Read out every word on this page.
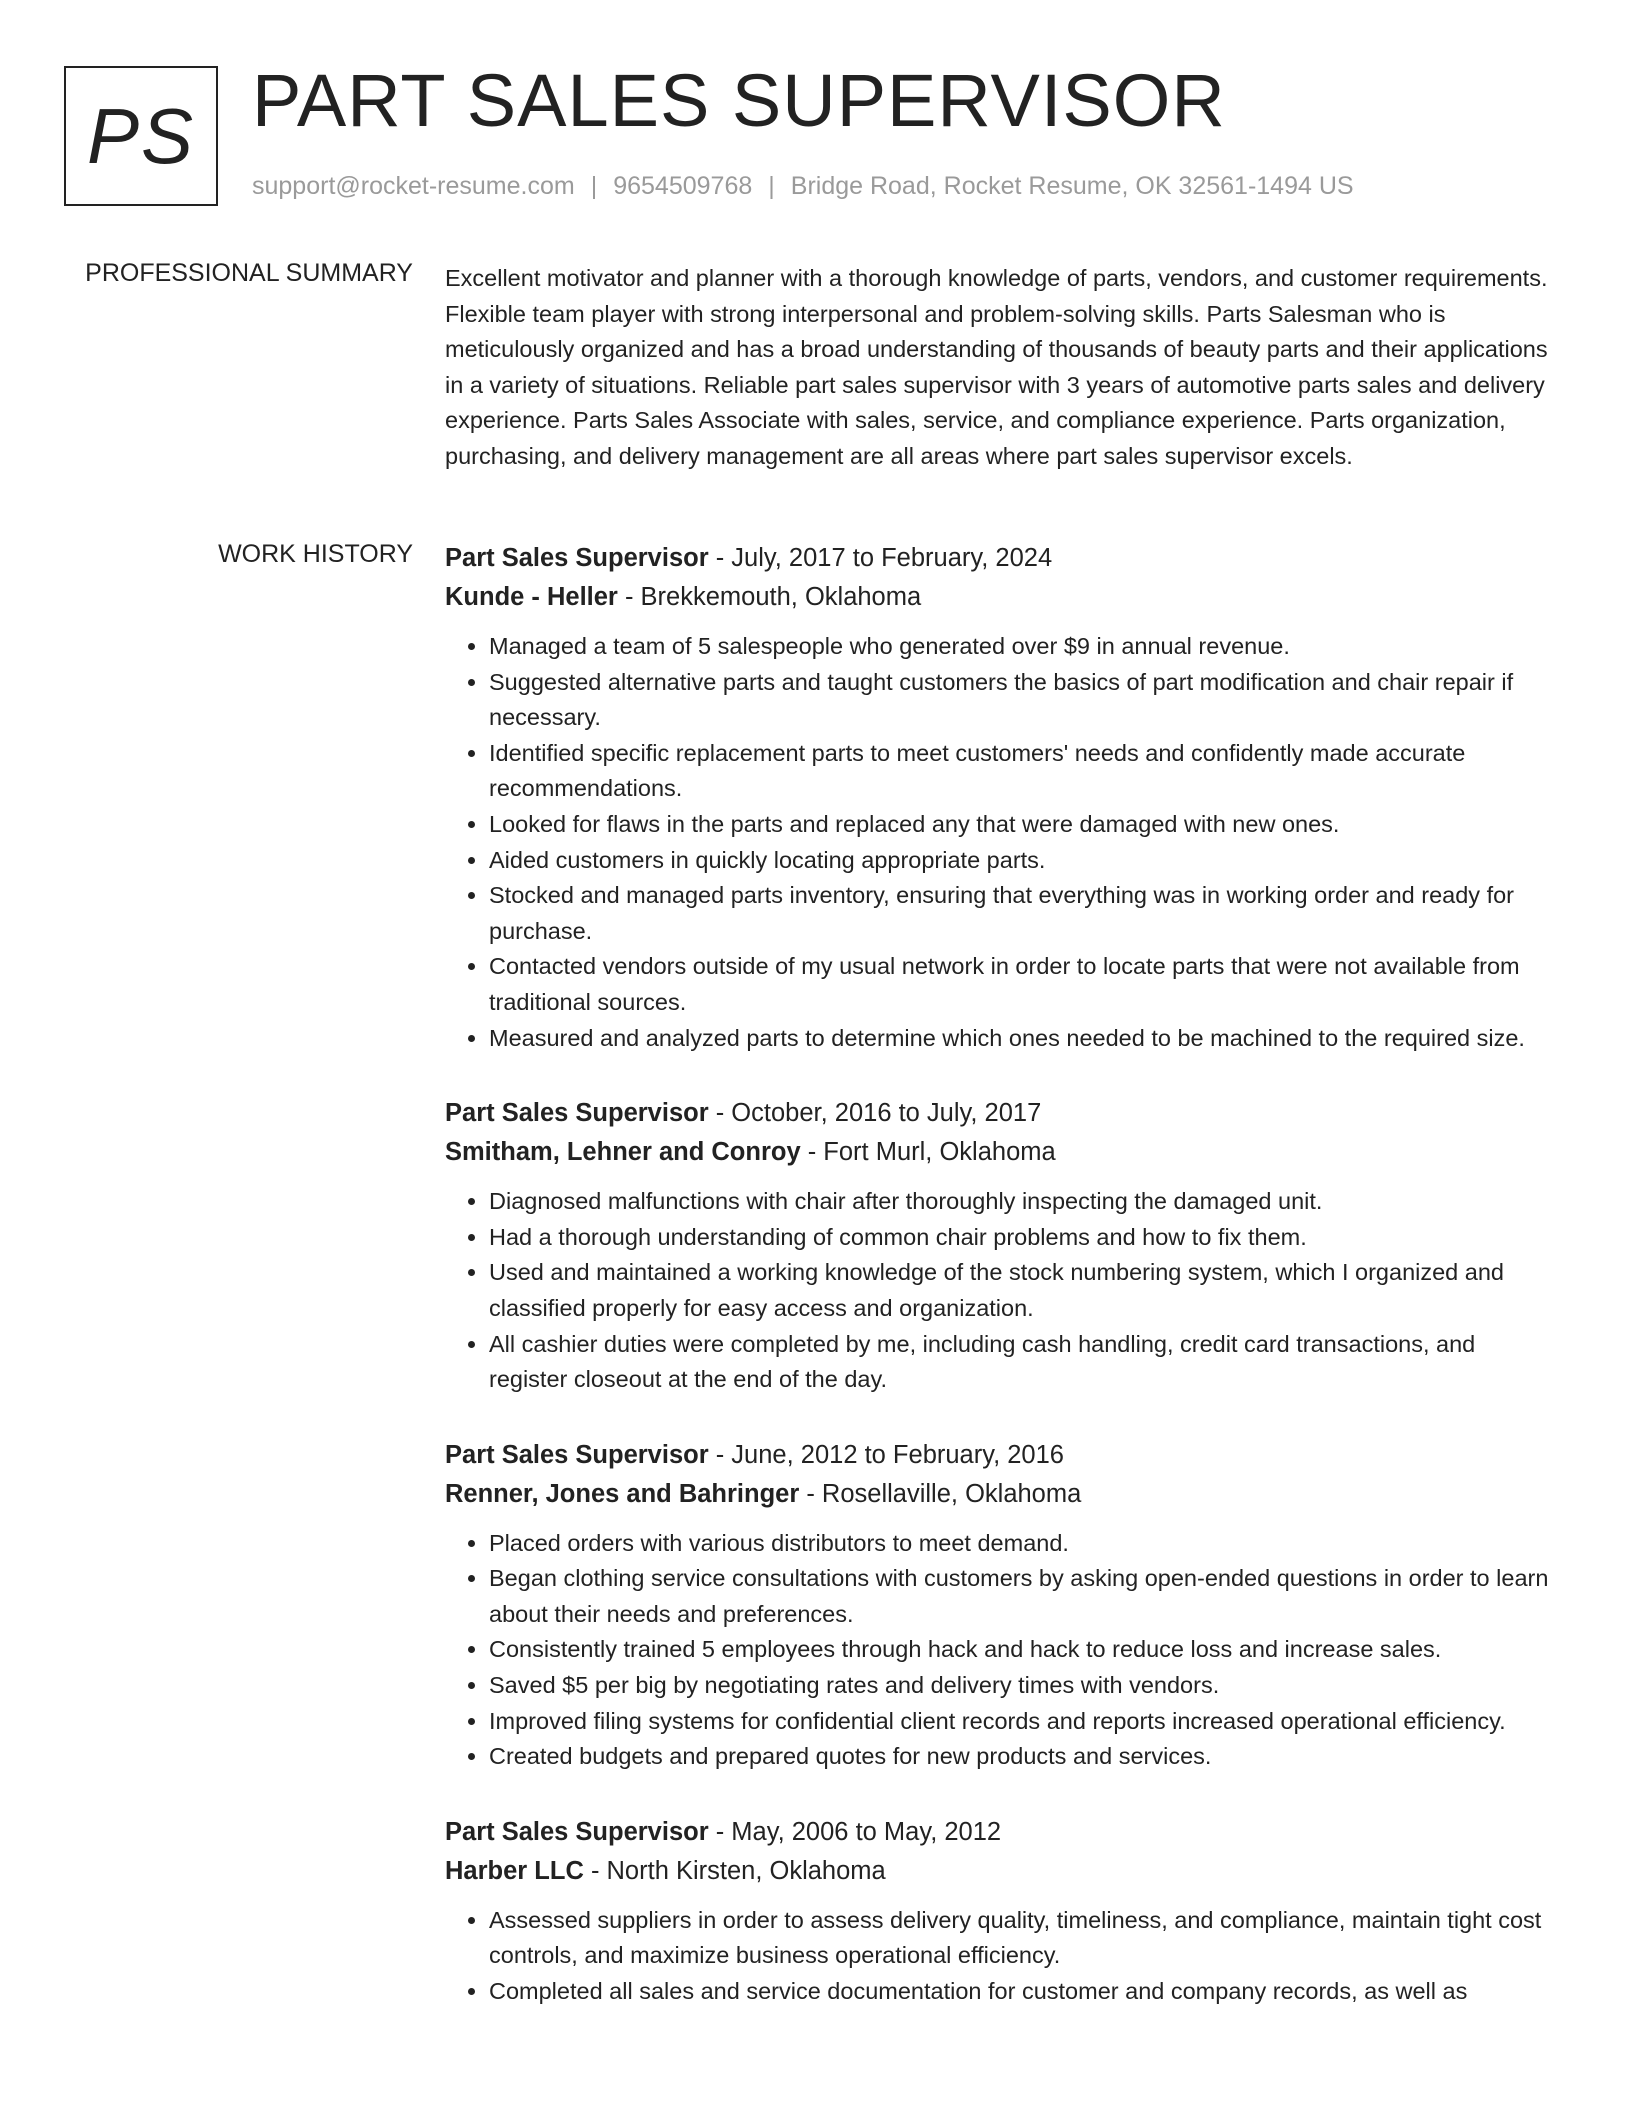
PS PART SALES SUPERVISOR
support@rocket-resume.com | 9654509768 | Bridge Road, Rocket Resume, OK 32561-1494 US
PROFESSIONAL SUMMARY Excellent motivator and planner with a thorough knowledge of parts, vendors, and customer requirements. Flexible team player with strong interpersonal and problem-solving skills. Parts Salesman who is meticulously organized and has a broad understanding of thousands of beauty parts and their applications in a variety of situations. Reliable part sales supervisor with 3 years of automotive parts sales and delivery experience. Parts Sales Associate with sales, service, and compliance experience. Parts organization, purchasing, and delivery management are all areas where part sales supervisor excels.

WORK HISTORY Part Sales Supervisor - July, 2017 to February, 2024
Kunde - Heller - Brekkemouth, Oklahoma
• Managed a team of 5 salespeople who generated over $9 in annual revenue.
• Suggested alternative parts and taught customers the basics of part modification and chair repair if necessary.
• Identified specific replacement parts to meet customers' needs and confidently made accurate recommendations.
• Looked for flaws in the parts and replaced any that were damaged with new ones.
• Aided customers in quickly locating appropriate parts.
• Stocked and managed parts inventory, ensuring that everything was in working order and ready for purchase.
• Contacted vendors outside of my usual network in order to locate parts that were not available from traditional sources.
• Measured and analyzed parts to determine which ones needed to be machined to the required size.
Part Sales Supervisor - October, 2016 to July, 2017
Smitham, Lehner and Conroy - Fort Murl, Oklahoma
• Diagnosed malfunctions with chair after thoroughly inspecting the damaged unit.
• Had a thorough understanding of common chair problems and how to fix them.
• Used and maintained a working knowledge of the stock numbering system, which I organized and classified properly for easy access and organization.
• All cashier duties were completed by me, including cash handling, credit card transactions, and register closeout at the end of the day.
Part Sales Supervisor - June, 2012 to February, 2016
Renner, Jones and Bahringer - Rosellaville, Oklahoma
• Placed orders with various distributors to meet demand.
• Began clothing service consultations with customers by asking open-ended questions in order to learn about their needs and preferences.
• Consistently trained 5 employees through hack and hack to reduce loss and increase sales.
• Saved $5 per big by negotiating rates and delivery times with vendors.
• Improved filing systems for confidential client records and reports increased operational efficiency.
• Created budgets and prepared quotes for new products and services.
Part Sales Supervisor - May, 2006 to May, 2012
Harber LLC - North Kirsten, Oklahoma
• Assessed suppliers in order to assess delivery quality, timeliness, and compliance, maintain tight cost controls, and maximize business operational efficiency.
• Completed all sales and service documentation for customer and company records, as well as
